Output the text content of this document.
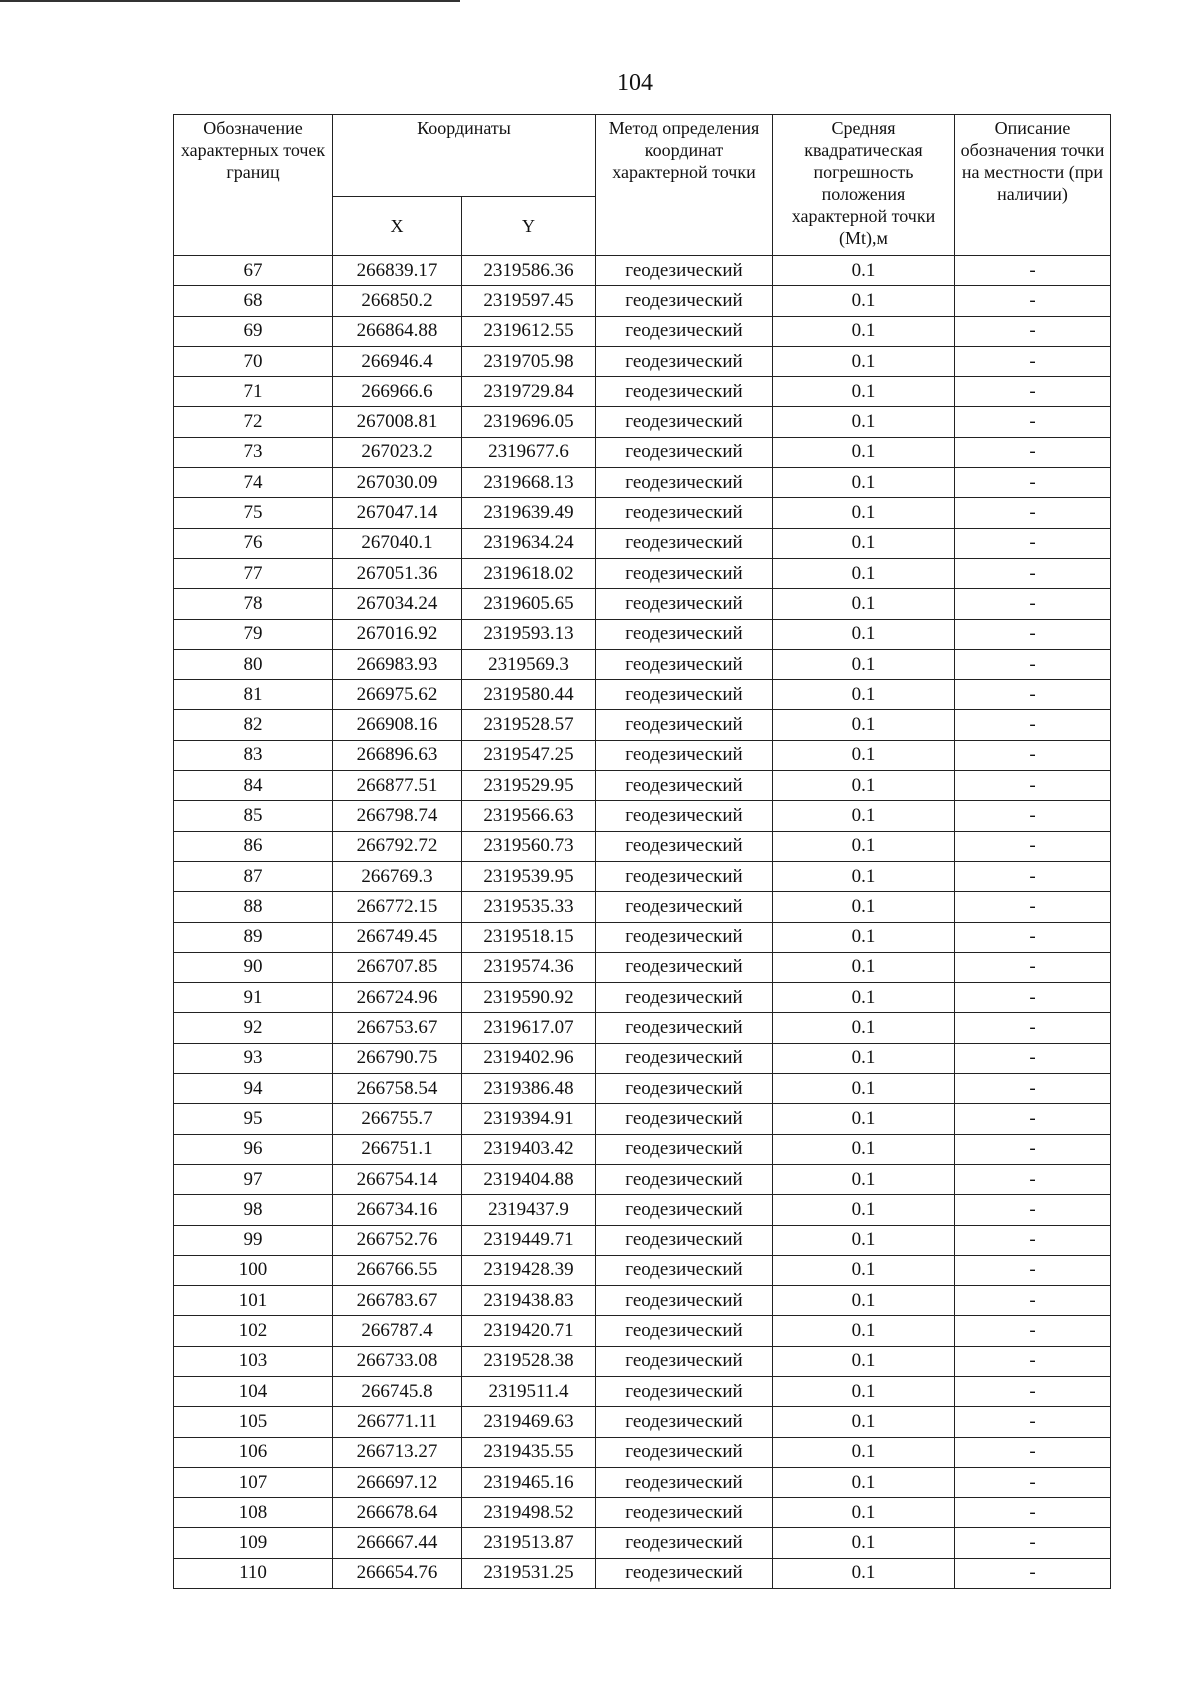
104
Обозначение характерных точек границ	Координаты		Метод определения координат характерной точки	Средняя квадратическая погрешность положения характерной точки (Mt),м	Описание обозначения точки на местности (при наличии)
	X	Y			
67	266839.17	2319586.36	геодезический	0.1	-
68	266850.2	2319597.45	геодезический	0.1	-
69	266864.88	2319612.55	геодезический	0.1	-
70	266946.4	2319705.98	геодезический	0.1	-
71	266966.6	2319729.84	геодезический	0.1	-
72	267008.81	2319696.05	геодезический	0.1	-
73	267023.2	2319677.6	геодезический	0.1	-
74	267030.09	2319668.13	геодезический	0.1	-
75	267047.14	2319639.49	геодезический	0.1	-
76	267040.1	2319634.24	геодезический	0.1	-
77	267051.36	2319618.02	геодезический	0.1	-
78	267034.24	2319605.65	геодезический	0.1	-
79	267016.92	2319593.13	геодезический	0.1	-
80	266983.93	2319569.3	геодезический	0.1	-
81	266975.62	2319580.44	геодезический	0.1	-
82	266908.16	2319528.57	геодезический	0.1	-
83	266896.63	2319547.25	геодезический	0.1	-
84	266877.51	2319529.95	геодезический	0.1	-
85	266798.74	2319566.63	геодезический	0.1	-
86	266792.72	2319560.73	геодезический	0.1	-
87	266769.3	2319539.95	геодезический	0.1	-
88	266772.15	2319535.33	геодезический	0.1	-
89	266749.45	2319518.15	геодезический	0.1	-
90	266707.85	2319574.36	геодезический	0.1	-
91	266724.96	2319590.92	геодезический	0.1	-
92	266753.67	2319617.07	геодезический	0.1	-
93	266790.75	2319402.96	геодезический	0.1	-
94	266758.54	2319386.48	геодезический	0.1	-
95	266755.7	2319394.91	геодезический	0.1	-
96	266751.1	2319403.42	геодезический	0.1	-
97	266754.14	2319404.88	геодезический	0.1	-
98	266734.16	2319437.9	геодезический	0.1	-
99	266752.76	2319449.71	геодезический	0.1	-
100	266766.55	2319428.39	геодезический	0.1	-
101	266783.67	2319438.83	геодезический	0.1	-
102	266787.4	2319420.71	геодезический	0.1	-
103	266733.08	2319528.38	геодезический	0.1	-
104	266745.8	2319511.4	геодезический	0.1	-
105	266771.11	2319469.63	геодезический	0.1	-
106	266713.27	2319435.55	геодезический	0.1	-
107	266697.12	2319465.16	геодезический	0.1	-
108	266678.64	2319498.52	геодезический	0.1	-
109	266667.44	2319513.87	геодезический	0.1	-
110	266654.76	2319531.25	геодезический	0.1	-
